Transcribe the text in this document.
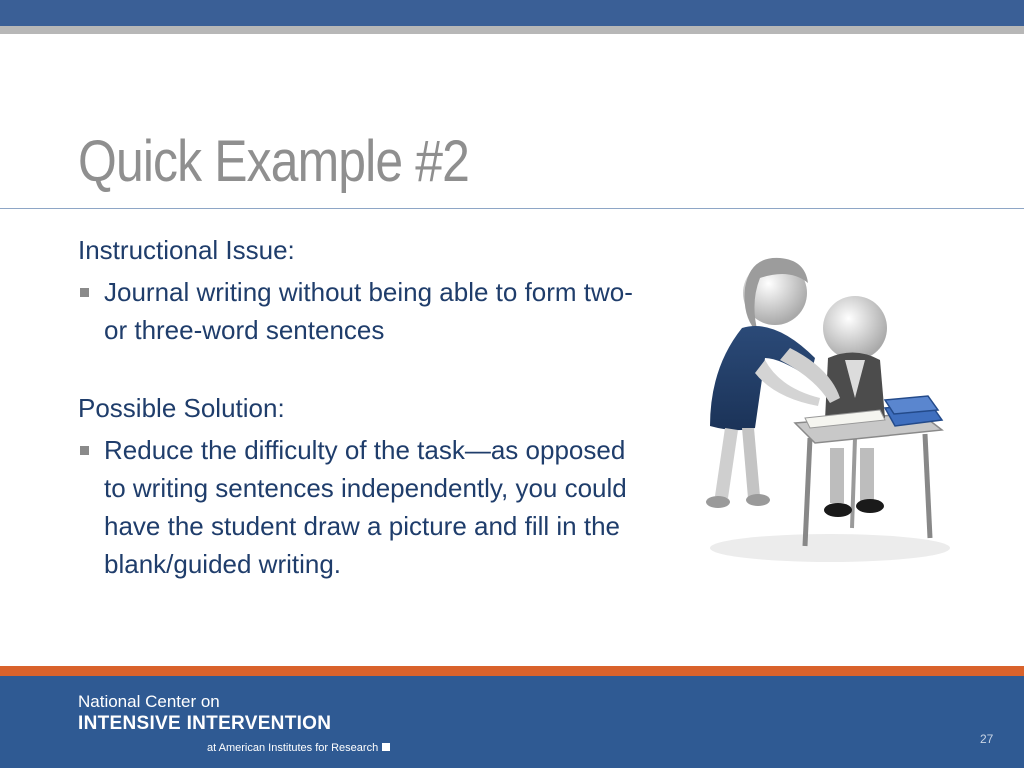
Quick Example #2

Instructional Issue:

Journal writing without being able to form two- or three-word sentences

Possible Solution:

Reduce the difficulty of the task—as opposed to writing sentences independently, you could have the student draw a picture and fill in the blank/guided writing.
National Center on
INTENSIVE INTERVENTION
at American Institutes for Research
27
